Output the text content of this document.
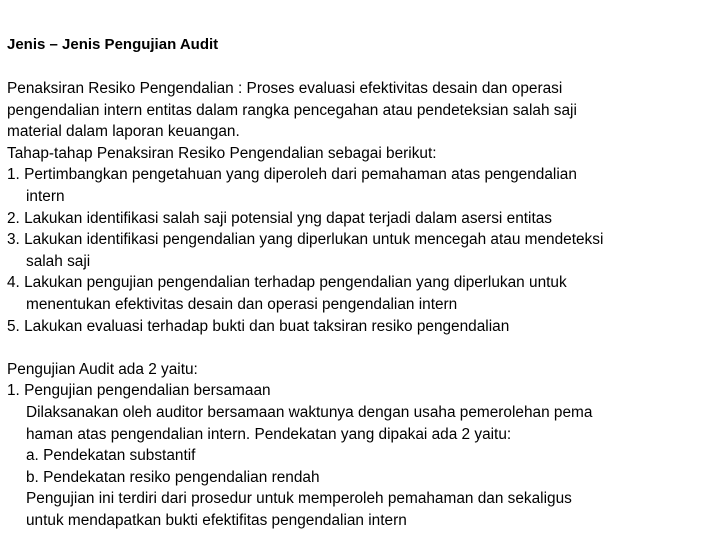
Jenis – Jenis Pengujian Audit

Penaksiran Resiko Pengendalian : Proses evaluasi efektivitas desain dan operasi

pengendalian intern entitas dalam rangka pencegahan atau pendeteksian salah saji

material dalam laporan keuangan.

Tahap-tahap Penaksiran Resiko Pengendalian sebagai berikut:

1. Pertimbangkan pengetahuan yang diperoleh dari pemahaman atas pengendalian

intern

2. Lakukan identifikasi salah saji potensial yng dapat terjadi dalam asersi entitas

3. Lakukan identifikasi pengendalian yang diperlukan untuk mencegah atau mendeteksi

salah saji

4. Lakukan pengujian pengendalian terhadap pengendalian yang diperlukan untuk

menentukan efektivitas desain dan operasi pengendalian intern

5. Lakukan evaluasi terhadap bukti dan buat taksiran resiko pengendalian

Pengujian Audit ada 2 yaitu:

1. Pengujian pengendalian bersamaan

Dilaksanakan oleh auditor bersamaan waktunya dengan usaha pemerolehan pema

haman atas pengendalian intern. Pendekatan yang dipakai ada 2 yaitu:

a. Pendekatan substantif

b. Pendekatan resiko pengendalian rendah

Pengujian ini terdiri dari prosedur untuk memperoleh pemahaman dan sekaligus

untuk mendapatkan bukti efektifitas pengendalian intern
